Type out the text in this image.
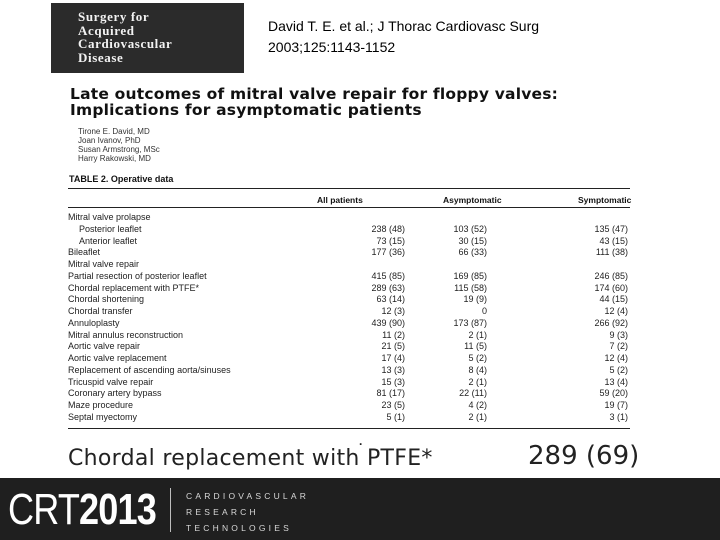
Surgery for
Acquired
Cardiovascular
Disease
David T. E. et al.; J Thorac Cardiovasc Surg
2003;125:1143-1152
Late outcomes of mitral valve repair for floppy valves:
Implications for asymptomatic patients
Tirone E. David, MD
Joan Ivanov, PhD
Susan Armstrong, MSc
Harry Rakowski, MD
TABLE 2. Operative data
All patients	Asymptomatic	Symptomatic
Mitral valve prolapse
Posterior leaflet	238 (48)	103 (52)	135 (47)
Anterior leaflet	73 (15)	30 (15)	43 (15)
Bileaflet	177 (36)	66 (33)	111 (38)
Mitral valve repair
Partial resection of posterior leaflet	415 (85)	169 (85)	246 (85)
Chordal replacement with PTFE*	289 (63)	115 (58)	174 (60)
Chordal shortening	63 (14)	19 (9)	44 (15)
Chordal transfer	12 (3)	0	12 (4)
Annuloplasty	439 (90)	173 (87)	266 (92)
Mitral annulus reconstruction	11 (2)	2 (1)	9 (3)
Aortic valve repair	21 (5)	11 (5)	7 (2)
Aortic valve replacement	17 (4)	5 (2)	12 (4)
Replacement of ascending aorta/sinuses	13 (3)	8 (4)	5 (2)
Tricuspid valve repair	15 (3)	2 (1)	13 (4)
Coronary artery bypass	81 (17)	22 (11)	59 (20)
Maze procedure	23 (5)	4 (2)	19 (7)
Septal myectomy	5 (1)	2 (1)	3 (1)
.
Chordal replacement with PTFE*	289 (69)
CRT2013	CARDIOVASCULAR
RESEARCH
TECHNOLOGIES
